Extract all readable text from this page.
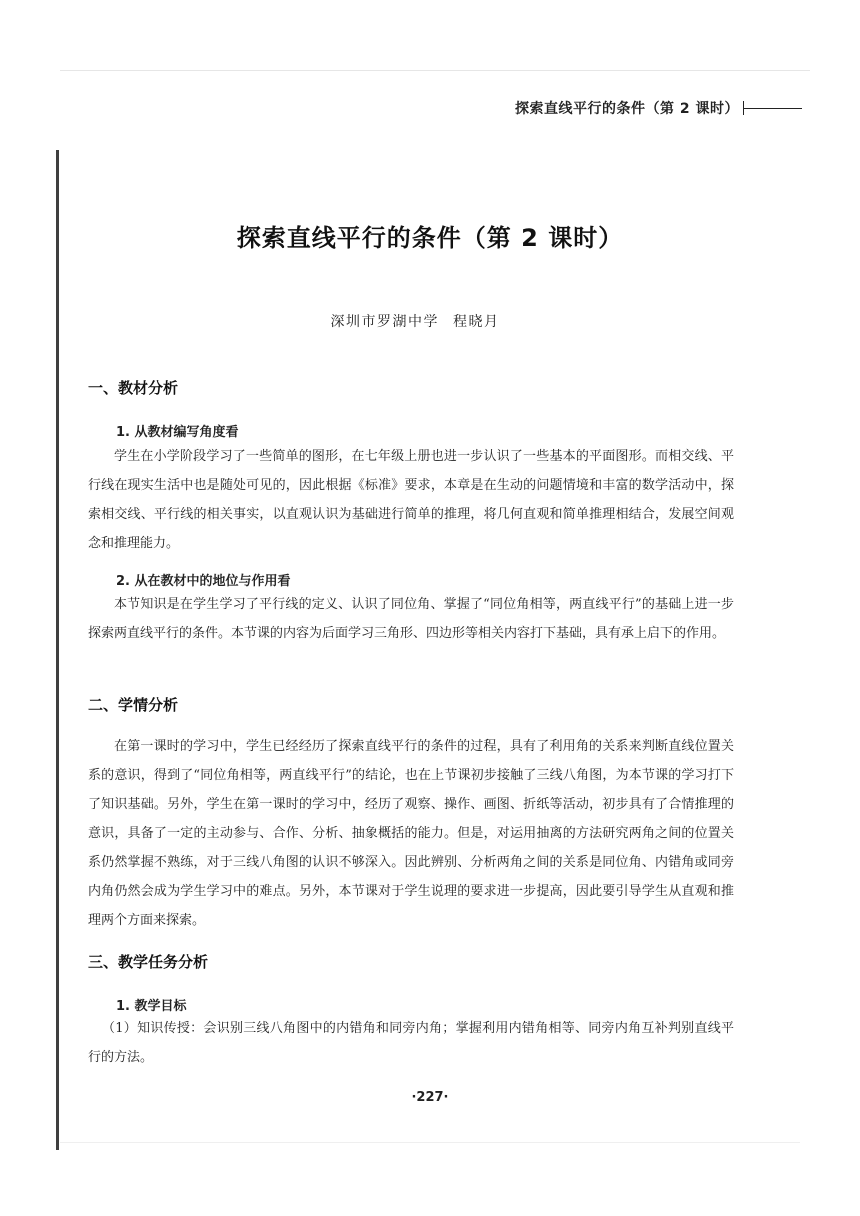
探索直线平行的条件（第 2 课时）
探索直线平行的条件（第 2 课时）
深圳市罗湖中学 程晓月
一、教材分析
1. 从教材编写角度看

学生在小学阶段学习了一些简单的图形，在七年级上册也进一步认识了一些基本的平面图形。而相交线、平行线在现实生活中也是随处可见的，因此根据《标准》要求，本章是在生动的问题情境和丰富的数学活动中，探索相交线、平行线的相关事实，以直观认识为基础进行简单的推理，将几何直观和简单推理相结合，发展空间观念和推理能力。

2. 从在教材中的地位与作用看

本节知识是在学生学习了平行线的定义、认识了同位角、掌握了“同位角相等，两直线平行”的基础上进一步探索两直线平行的条件。本节课的内容为后面学习三角形、四边形等相关内容打下基础，具有承上启下的作用。

二、学情分析

在第一课时的学习中，学生已经经历了探索直线平行的条件的过程，具有了利用角的关系来判断直线位置关系的意识，得到了“同位角相等，两直线平行”的结论，也在上节课初步接触了三线八角图，为本节课的学习打下了知识基础。另外，学生在第一课时的学习中，经历了观察、操作、画图、折纸等活动，初步具有了合情推理的意识，具备了一定的主动参与、合作、分析、抽象概括的能力。但是，对运用抽离的方法研究两角之间的位置关系仍然掌握不熟练，对于三线八角图的认识不够深入。因此辨别、分析两角之间的关系是同位角、内错角或同旁内角仍然会成为学生学习中的难点。另外，本节课对于学生说理的要求进一步提高，因此要引导学生从直观和推理两个方面来探索。

三、教学任务分析
1. 教学目标

（1）知识传授：会识别三线八角图中的内错角和同旁内角；掌握利用内错角相等、同旁内角互补判别直线平行的方法。

·227·
